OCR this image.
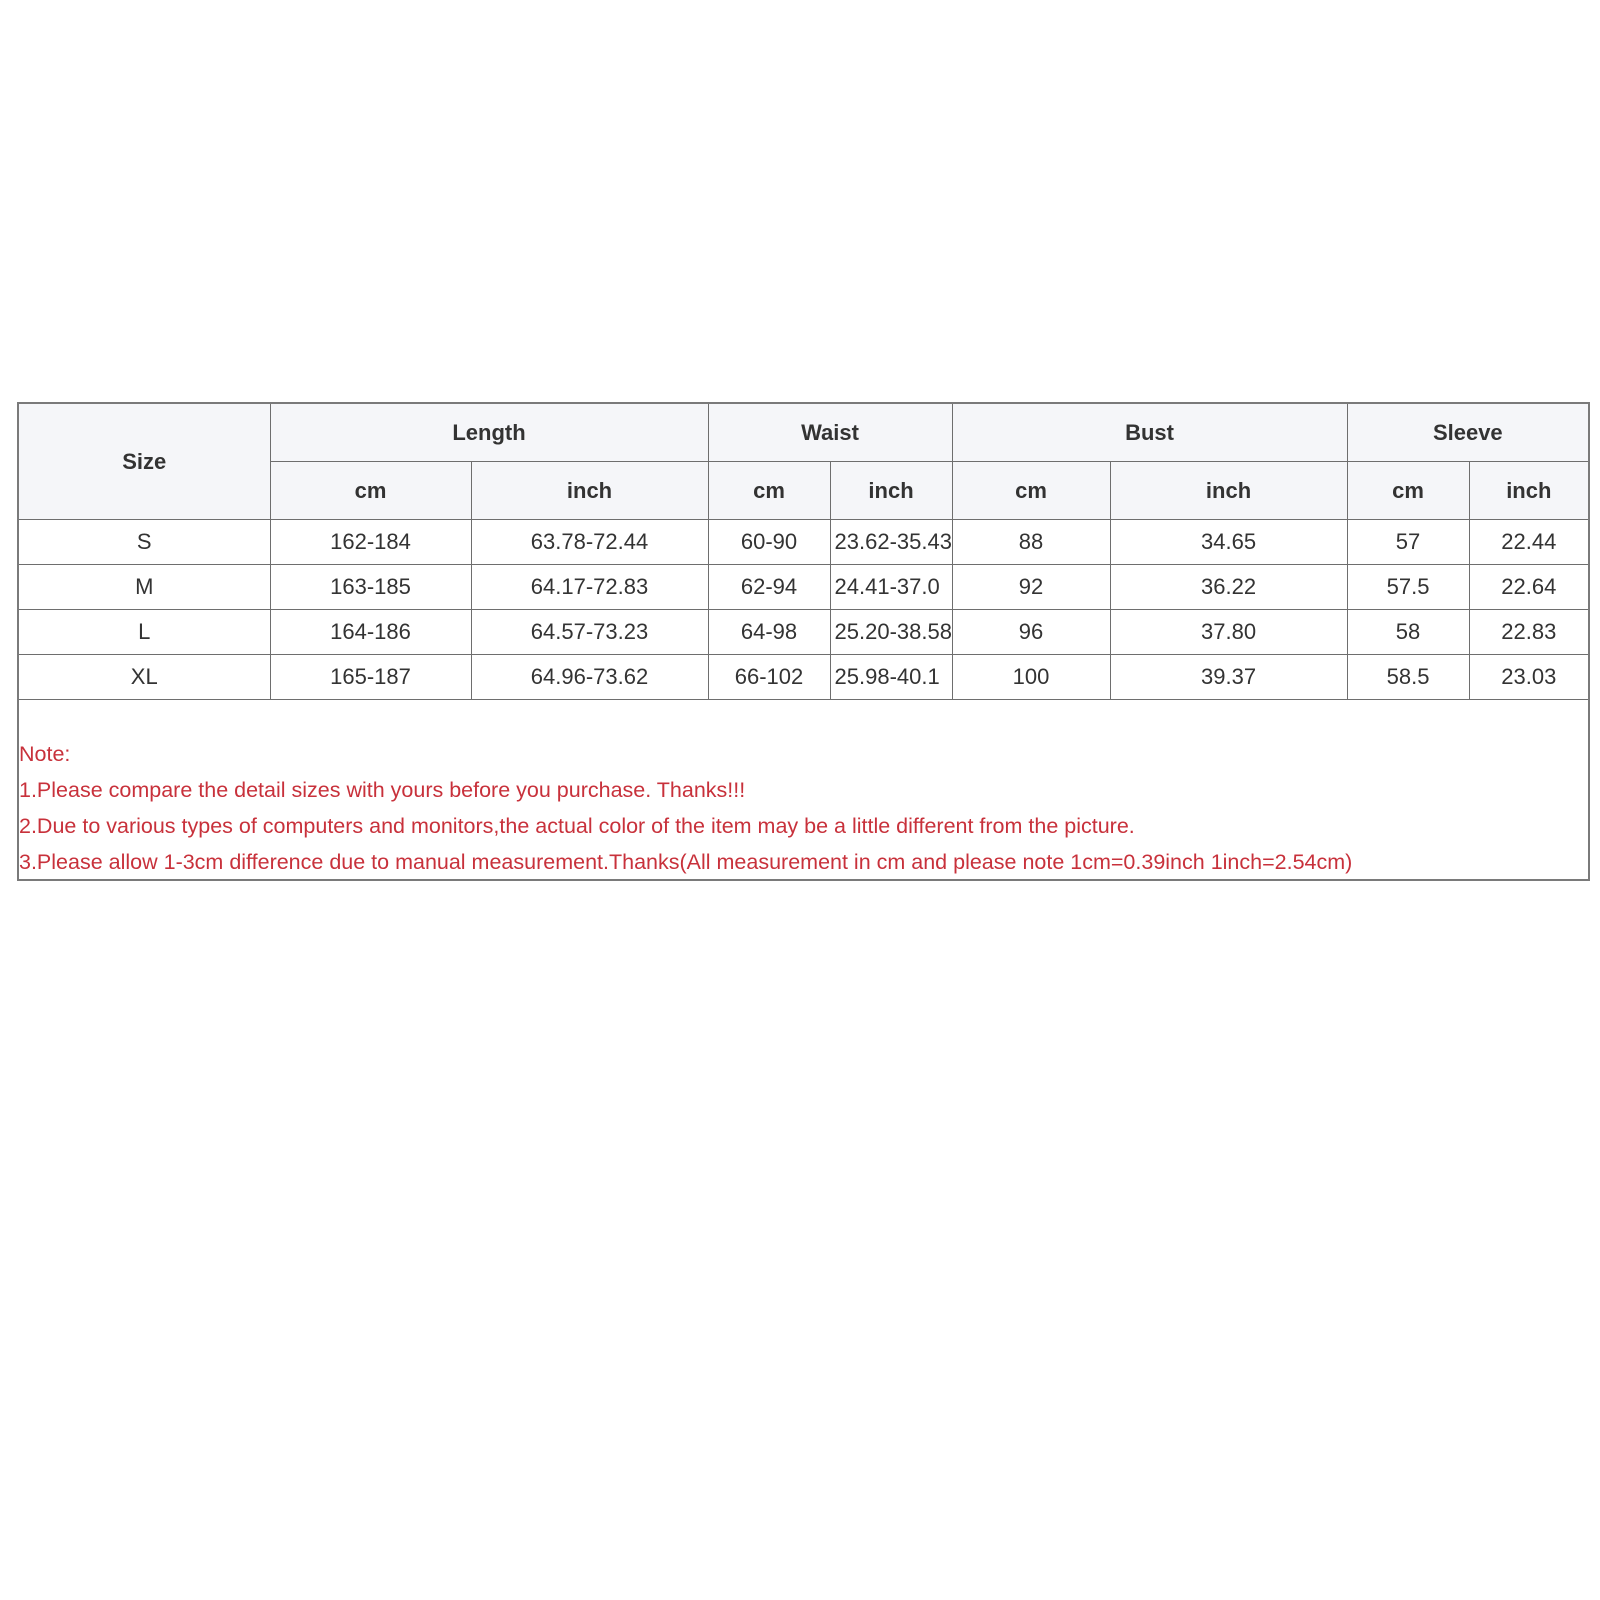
Size	Length		Waist		Bust		Sleeve	
	cm	inch	cm	inch	cm	inch	cm	inch
S	162-184	63.78-72.44	60-90	23.62-35.43	88	34.65	57	22.44
M	163-185	64.17-72.83	62-94	24.41-37.0	92	36.22	57.5	22.64
L	164-186	64.57-73.23	64-98	25.20-38.58	96	37.80	58	22.83
XL	165-187	64.96-73.62	66-102	25.98-40.1	100	39.37	58.5	23.03
Note:
1.Please compare the detail sizes with yours before you purchase. Thanks!!!
2.Due to various types of computers and monitors,the actual color of the item may be a little different from the picture.
3.Please allow 1-3cm difference due to manual measurement.Thanks(All measurement in cm and please note 1cm=0.39inch 1inch=2.54cm)
